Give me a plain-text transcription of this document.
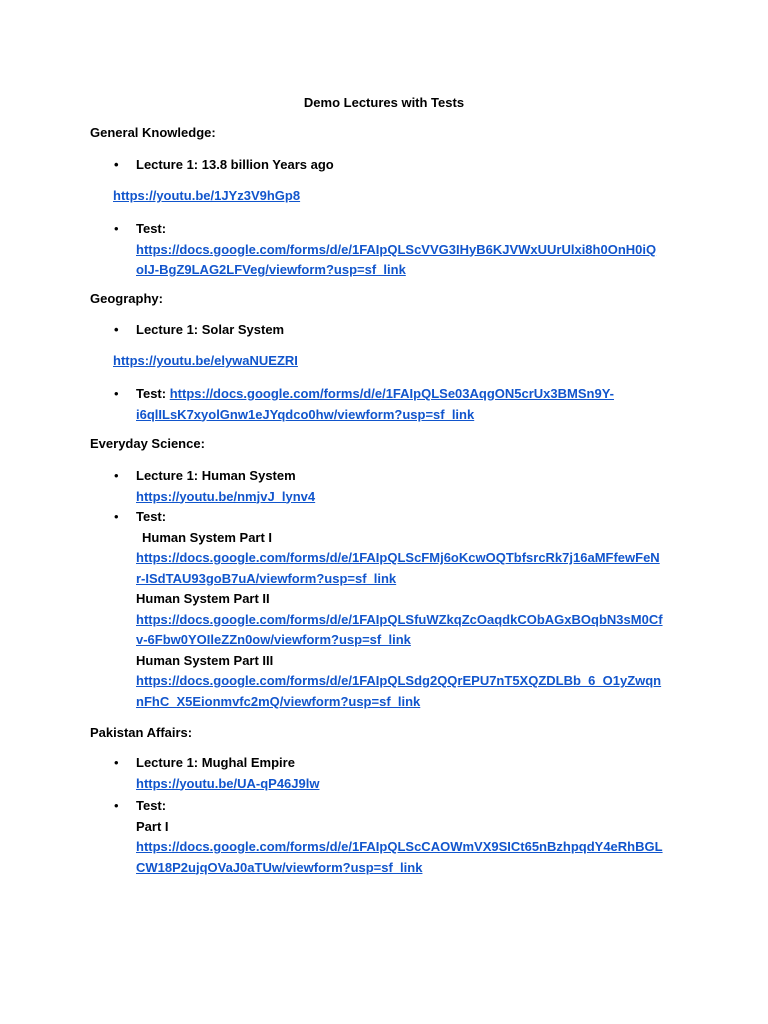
Demo Lectures with Tests
General Knowledge:
• Lecture 1: 13.8 billion Years ago
https://youtu.be/1JYz3V9hGp8
• Test:
https://docs.google.com/forms/d/e/1FAIpQLScVVG3IHyB6KJVWxUUrUlxi8h0OnH0iQ
oIJ-BgZ9LAG2LFVeg/viewform?usp=sf_link
Geography:
• Lecture 1: Solar System
https://youtu.be/elywaNUEZRI
• Test: https://docs.google.com/forms/d/e/1FAIpQLSe03AqgON5crUx3BMSn9Y-
i6qlILsK7xyolGnw1eJYqdco0hw/viewform?usp=sf_link
Everyday Science:
• Lecture 1: Human System
https://youtu.be/nmjvJ_lynv4
• Test:
Human System Part I
https://docs.google.com/forms/d/e/1FAIpQLScFMj6oKcwOQTbfsrcRk7j16aMFfewFeN
r-ISdTAU93goB7uA/viewform?usp=sf_link
Human System Part II
https://docs.google.com/forms/d/e/1FAIpQLSfuWZkqZcOaqdkCObAGxBOqbN3sM0Cf
v-6Fbw0YOIleZZn0ow/viewform?usp=sf_link
Human System Part III
https://docs.google.com/forms/d/e/1FAIpQLSdg2QQrEPU7nT5XQZDLBb_6_O1yZwqn
nFhC_X5Eionmvfc2mQ/viewform?usp=sf_link
Pakistan Affairs:
• Lecture 1: Mughal Empire
https://youtu.be/UA-qP46J9lw
• Test:
Part I
https://docs.google.com/forms/d/e/1FAIpQLScCAOWmVX9SICt65nBzhpqdY4eRhBGL
CW18P2ujqOVaJ0aTUw/viewform?usp=sf_link
